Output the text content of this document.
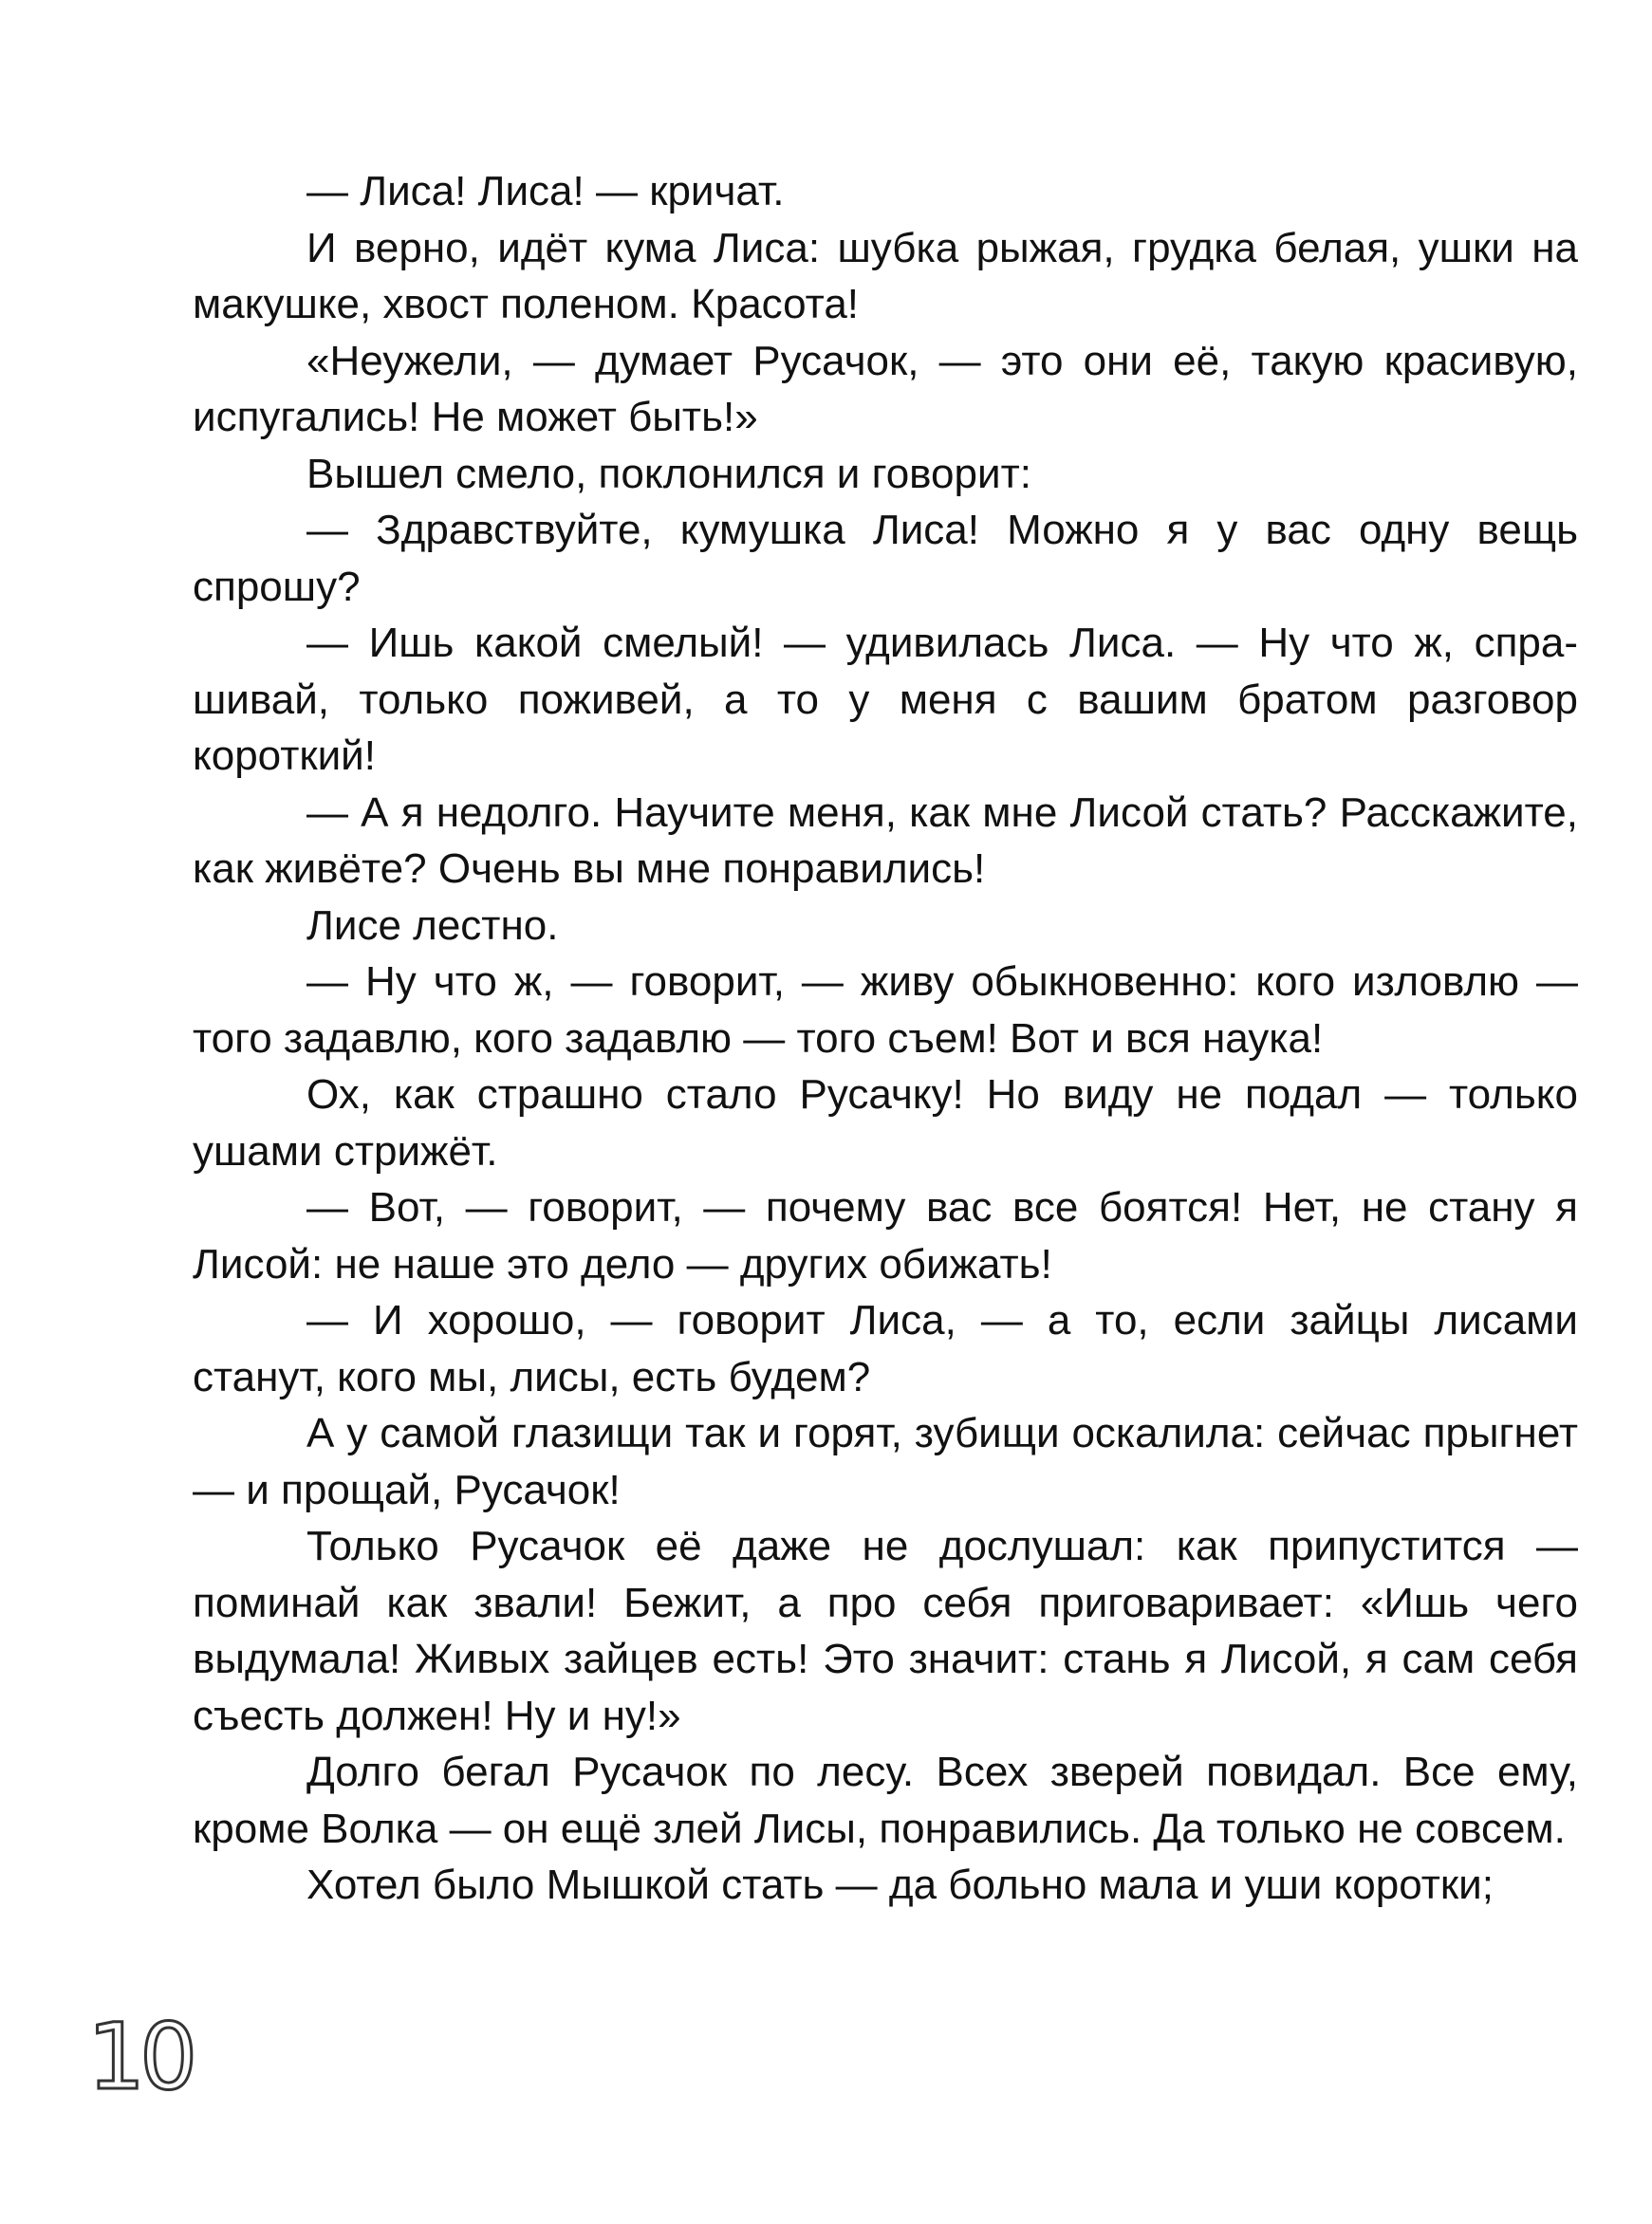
— Лиса! Лиса! — кричат.

И верно, идёт кума Лиса: шубка рыжая, грудка белая, ушки на макушке, хвост поленом. Красота!

«Неужели, — думает Русачок, — это они её, такую красивую, испугались! Не может быть!»

Вышел смело, поклонился и говорит:

— Здравствуйте, кумушка Лиса! Можно я у вас одну вещь спрошу?

— Ишь какой смелый! — удивилась Лиса. — Ну что ж, спрашивай, только поживей, а то у меня с вашим братом разговор короткий!

— А я недолго. Научите меня, как мне Лисой стать? Расскажите, как живёте? Очень вы мне понравились!

Лисе лестно.

— Ну что ж, — говорит, — живу обыкновенно: кого изловлю — того задавлю, кого задавлю — того съем! Вот и вся наука!

Ох, как страшно стало Русачку! Но виду не подал — только ушами стрижёт.

— Вот, — говорит, — почему вас все боятся! Нет, не стану я Лисой: не наше это дело — других обижать!

— И хорошо, — говорит Лиса, — а то, если зайцы лисами станут, кого мы, лисы, есть будем?

А у самой глазищи так и горят, зубищи оскалила: сейчас прыгнет — и прощай, Русачок!

Только Русачок её даже не дослушал: как припустится — поминай как звали! Бежит, а про себя приговаривает: «Ишь чего выдумала! Живых зайцев есть! Это значит: стань я Лисой, я сам себя съесть должен! Ну и ну!»

Долго бегал Русачок по лесу. Всех зверей повидал. Все ему, кроме Волка — он ещё злей Лисы, понравились. Да только не совсем.

Хотел было Мышкой стать — да больно мала и уши коротки;

10
